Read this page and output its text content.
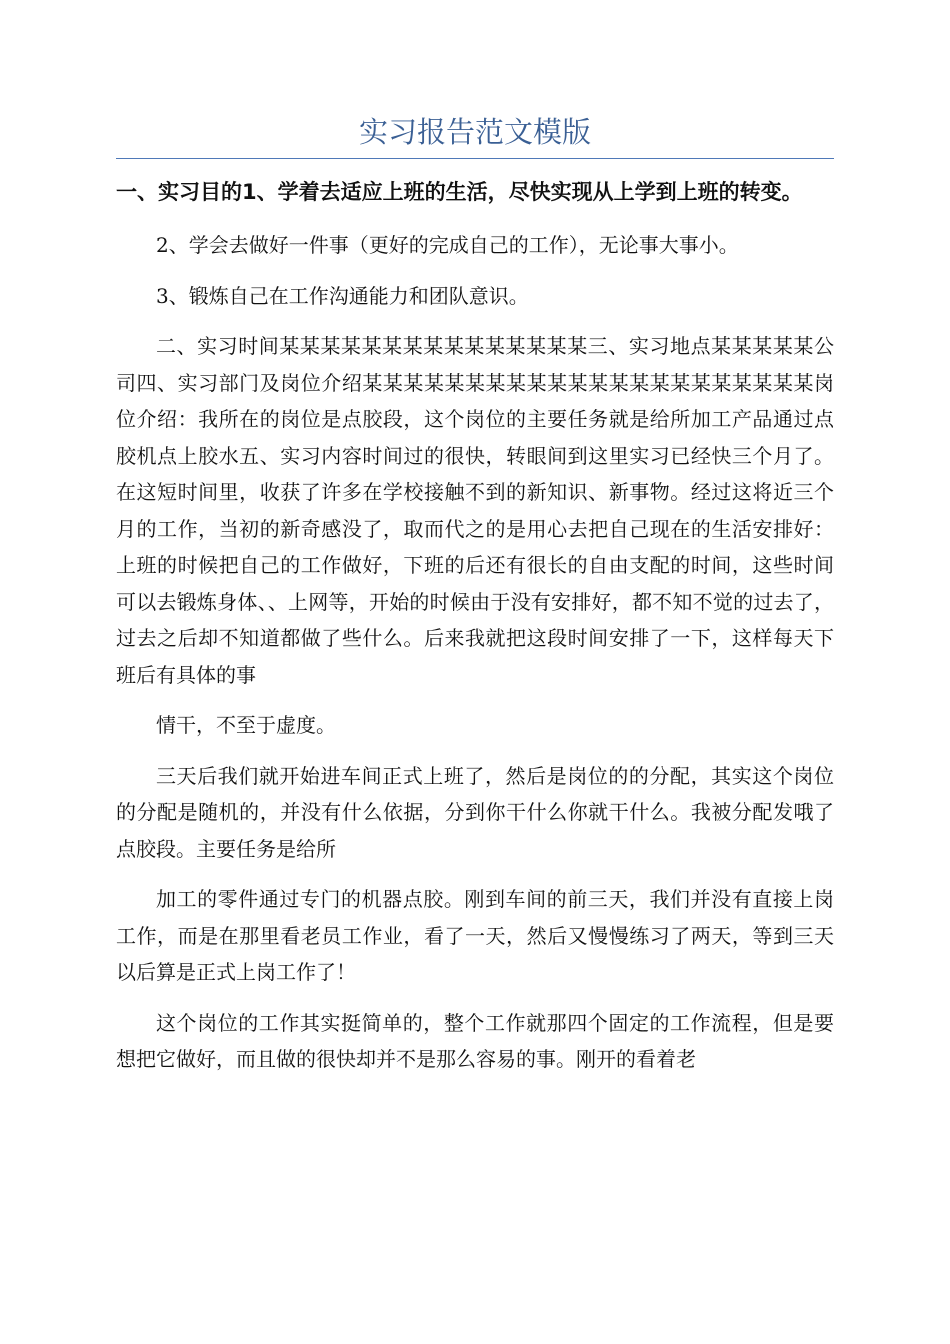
实习报告范文模版

一、实习目的1、学着去适应上班的生活，尽快实现从上学到上班的转变。

2、学会去做好一件事（更好的完成自己的工作），无论事大事小。

3、锻炼自己在工作沟通能力和团队意识。

二、实习时间某某某某某某某某某某某某某某某三、实习地点某某某某某公司四、实习部门及岗位介绍某某某某某某某某某某某某某某某某某某某某某某岗位介绍：我所在的岗位是点胶段，这个岗位的主要任务就是给所加工产品通过点胶机点上胶水五、实习内容时间过的很快，转眼间到这里实习已经快三个月了。在这短时间里，收获了许多在学校接触不到的新知识、新事物。经过这将近三个月的工作，当初的新奇感没了，取而代之的是用心去把自己现在的生活安排好：上班的时候把自己的工作做好，下班的后还有很长的自由支配的时间，这些时间可以去锻炼身体、、上网等，开始的时候由于没有安排好，都不知不觉的过去了，过去之后却不知道都做了些什么。后来我就把这段时间安排了一下，这样每天下班后有具体的事

情干，不至于虚度。

三天后我们就开始进车间正式上班了，然后是岗位的的分配，其实这个岗位的分配是随机的，并没有什么依据，分到你干什么你就干什么。我被分配发哦了点胶段。主要任务是给所

加工的零件通过专门的机器点胶。刚到车间的前三天，我们并没有直接上岗工作，而是在那里看老员工作业，看了一天，然后又慢慢练习了两天，等到三天以后算是正式上岗工作了！

这个岗位的工作其实挺简单的，整个工作就那四个固定的工作流程，但是要想把它做好，而且做的很快却并不是那么容易的事。刚开的看着老
